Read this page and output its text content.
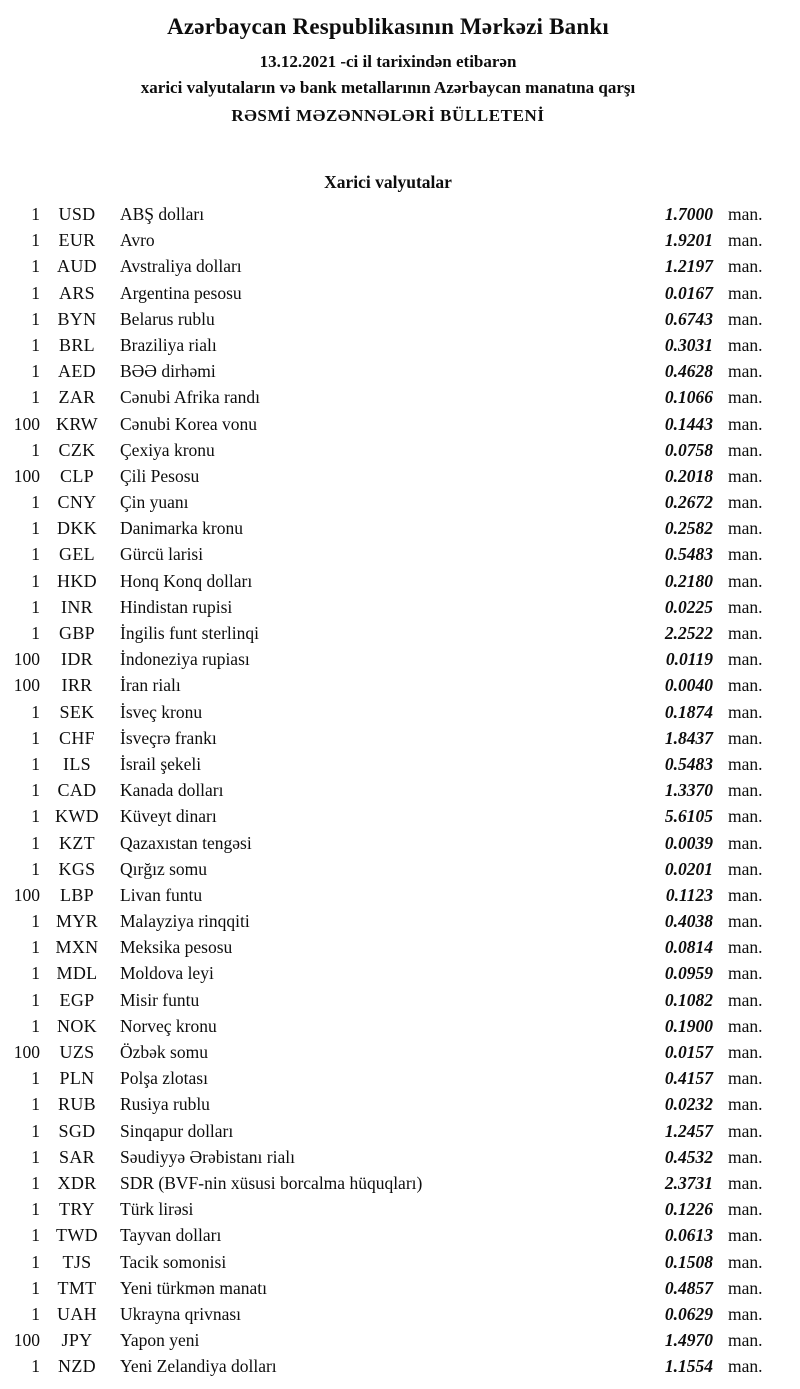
Azərbaycan Respublikasının Mərkəzi Bankı
13.12.2021 -ci il tarixindən etibarən
xarici valyutaların və bank metallarının Azərbaycan manatına qarşı
RƏSMİ MƏZƏNNƏLƏRİ BÜLLETENİ
Xarici valyutalar
1	USD	ABŞ dolları	1.7000 man.
1	EUR	Avro	1.9201 man.
1 AUD	Avstraliya dolları	1.2197 man.
1	ARS	Argentina pesosu	0.0167 man.
1 BYN	Belarus rublu	0.6743 man.
1	BRL	Braziliya rialı	0.3031 man.
1	AED	BƏƏ dirhəmi	0.4628 man.
1	ZAR	Cənubi Afrika randı	0.1066 man.
100 KRW	Cənubi Korea vonu	0.1443 man.
1	CZK	Çexiya kronu	0.0758 man.
100	CLP	Çili Pesosu	0.2018 man.
1 CNY	Çin yuanı	0.2672 man.
1 DKK	Danimarka kronu	0.2582 man.
1	GEL	Gürcü larisi	0.5483 man.
1 HKD	Honq Konq dolları	0.2180 man.
1	INR	Hindistan rupisi	0.0225 man.
1	GBP	İngilis funt sterlinqi	2.2522 man.
100	IDR	İndoneziya rupiası	0.0119 man.
100	IRR	İran rialı	0.0040 man.
1	SEK	İsveç kronu	0.1874 man.
1	CHF	İsveçrə frankı	1.8437 man.
1	ILS	İsrail şekeli	0.5483 man.
1 CAD	Kanada dolları	1.3370 man.
1 KWD	Küveyt dinarı	5.6105 man.
1	KZT	Qazaxıstan tengəsi	0.0039 man.
1	KGS	Qırğız somu	0.0201 man.
100	LBP	Livan funtu	0.1123 man.
1 MYR	Malayziya rinqqiti	0.4038 man.
1 MXN	Meksika pesosu	0.0814 man.
1 MDL	Moldova leyi	0.0959 man.
1	EGP	Misir funtu	0.1082 man.
1 NOK	Norveç kronu	0.1900 man.
100	UZS	Özbək somu	0.0157 man.
1	PLN	Polşa zlotası	0.4157 man.
1	RUB	Rusiya rublu	0.0232 man.
1	SGD	Sinqapur dolları	1.2457 man.
1	SAR	Səudiyyə Ərəbistanı rialı	0.4532 man.
1 XDR	SDR (BVF-nin xüsusi borcalma hüquqları)	2.3731 man.
1	TRY	Türk lirəsi	0.1226 man.
1 TWD	Tayvan dolları	0.0613 man.
1	TJS	Tacik somonisi	0.1508 man.
1 TMT	Yeni türkmən manatı	0.4857 man.
1 UAH	Ukrayna qrivnası	0.0629 man.
100	JPY	Yapon yeni	1.4970 man.
1	NZD	Yeni Zelandiya dolları	1.1554 man.
